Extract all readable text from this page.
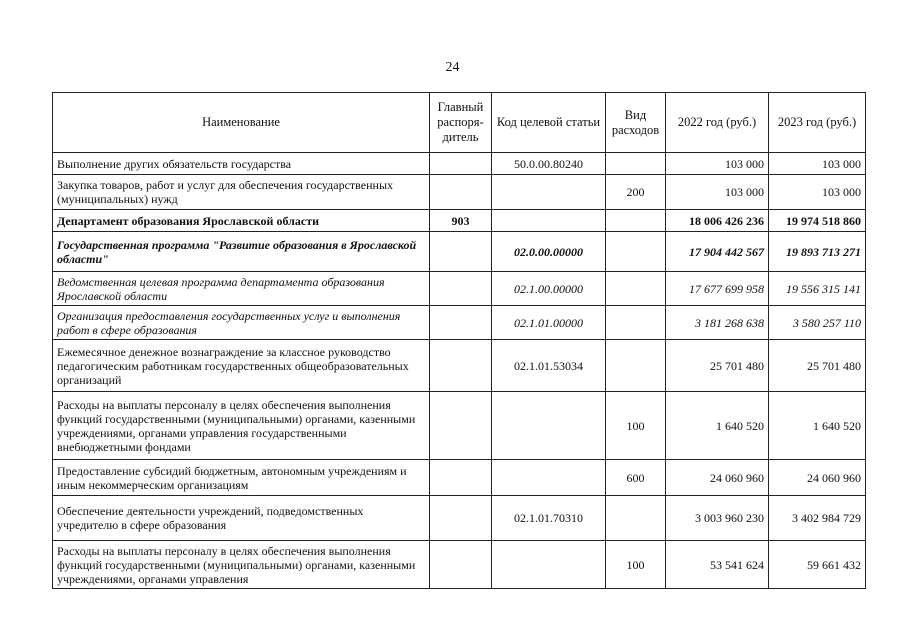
24
Наименование	Главный распоря-дитель	Код целевой статьи	Вид расходов	2022 год (руб.)	2023 год (руб.)
Выполнение других обязательств государства		50.0.00.80240		103 000	103 000
Закупка товаров, работ и услуг для обеспечения государственных (муниципальных) нужд			200	103 000	103 000
Департамент образования Ярославской области	903			18 006 426 236	19 974 518 860
Государственная программа "Развитие образования в Ярославской области"		02.0.00.00000		17 904 442 567	19 893 713 271
Ведомственная целевая программа департамента образования Ярославской области		02.1.00.00000		17 677 699 958	19 556 315 141
Организация предоставления государственных услуг и выполнения работ в сфере образования		02.1.01.00000		3 181 268 638	3 580 257 110
Ежемесячное денежное вознаграждение за классное руководство педагогическим работникам государственных общеобразовательных организаций		02.1.01.53034		25 701 480	25 701 480
Расходы на выплаты персоналу в целях обеспечения выполнения функций государственными (муниципальными) органами, казенными учреждениями, органами управления государственными внебюджетными фондами			100	1 640 520	1 640 520
Предоставление субсидий бюджетным, автономным учреждениям и иным некоммерческим организациям			600	24 060 960	24 060 960
Обеспечение деятельности учреждений, подведомственных учредителю в сфере образования		02.1.01.70310		3 003 960 230	3 402 984 729
Расходы на выплаты персоналу в целях обеспечения выполнения функций государственными (муниципальными) органами, казенными учреждениями, органами управления			100	53 541 624	59 661 432
